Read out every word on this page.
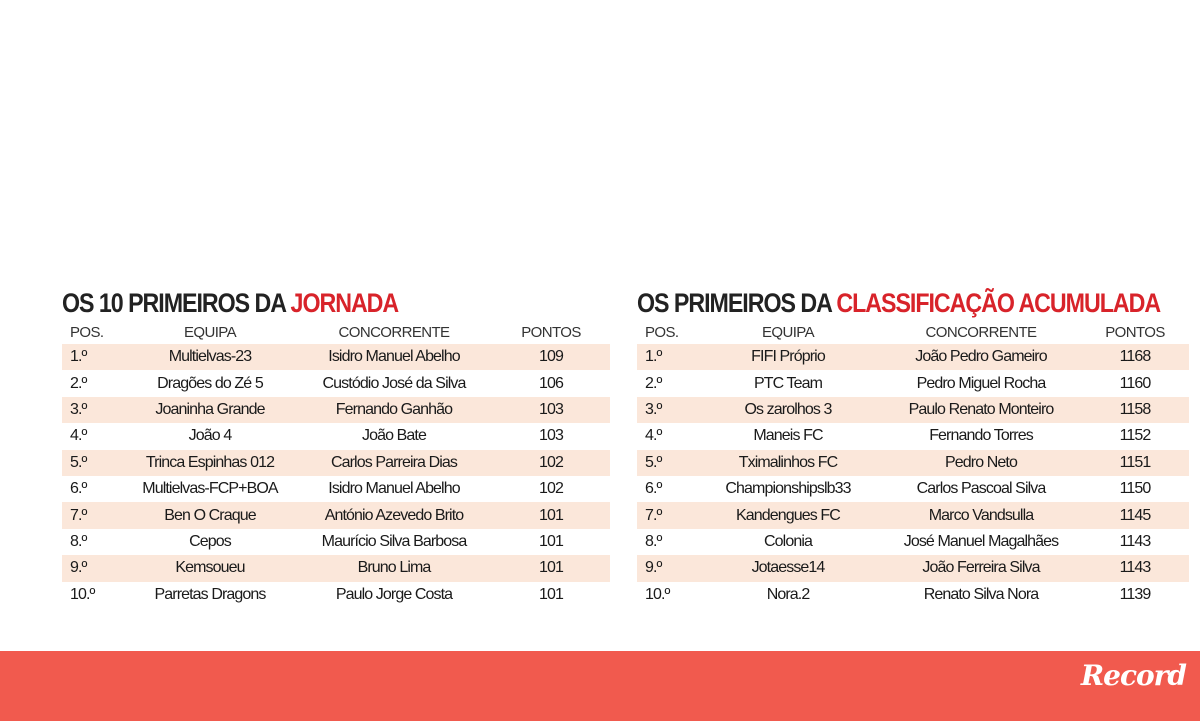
OS 10 PRIMEIROS DA JORNADA
POS.	EQUIPA	CONCORRENTE	PONTOS
1.º	Multielvas-23	Isidro Manuel Abelho	109
2.º	Dragões do Zé 5	Custódio José da Silva	106
3.º	Joaninha Grande	Fernando Ganhão	103
4.º	João 4	João Bate	103
5.º	Trinca Espinhas 012	Carlos Parreira Dias	102
6.º	Multielvas-FCP+BOA	Isidro Manuel Abelho	102
7.º	Ben O Craque	António Azevedo Brito	101
8.º	Cepos	Maurício Silva Barbosa	101
9.º	Kemsoueu	Bruno Lima	101
10.º	Parretas Dragons	Paulo Jorge Costa	101
OS PRIMEIROS DA CLASSIFICAÇÃO ACUMULADA
POS.	EQUIPA	CONCORRENTE	PONTOS
1.º	FIFI Próprio	João Pedro Gameiro	1168
2.º	PTC Team	Pedro Miguel Rocha	1160
3.º	Os zarolhos 3	Paulo Renato Monteiro	1158
4.º	Maneis FC	Fernando Torres	1152
5.º	Tximalinhos FC	Pedro Neto	1151
6.º	Championshipslb33	Carlos Pascoal Silva	1150
7.º	Kandengues FC	Marco Vandsulla	1145
8.º	Colonia	José Manuel Magalhães	1143
9.º	Jotaesse14	João Ferreira Silva	1143
10.º	Nora.2	Renato Silva Nora	1139
Record
